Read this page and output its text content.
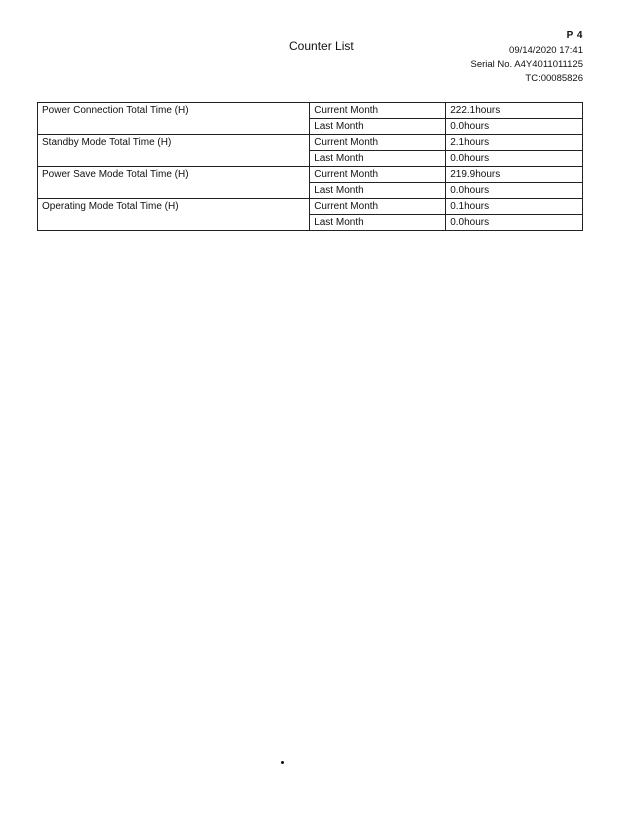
P 4
Counter List	09/14/2020 17:41
Serial No. A4Y4011011125
TC:00085826
Power Connection Total Time (H)	Current Month	222.1hours
	Last Month	0.0hours
Standby Mode Total Time (H)	Current Month	2.1hours
	Last Month	0.0hours
Power Save Mode Total Time (H)	Current Month	219.9hours
	Last Month	0.0hours
Operating Mode Total Time (H)	Current Month	0.1hours
	Last Month	0.0hours
